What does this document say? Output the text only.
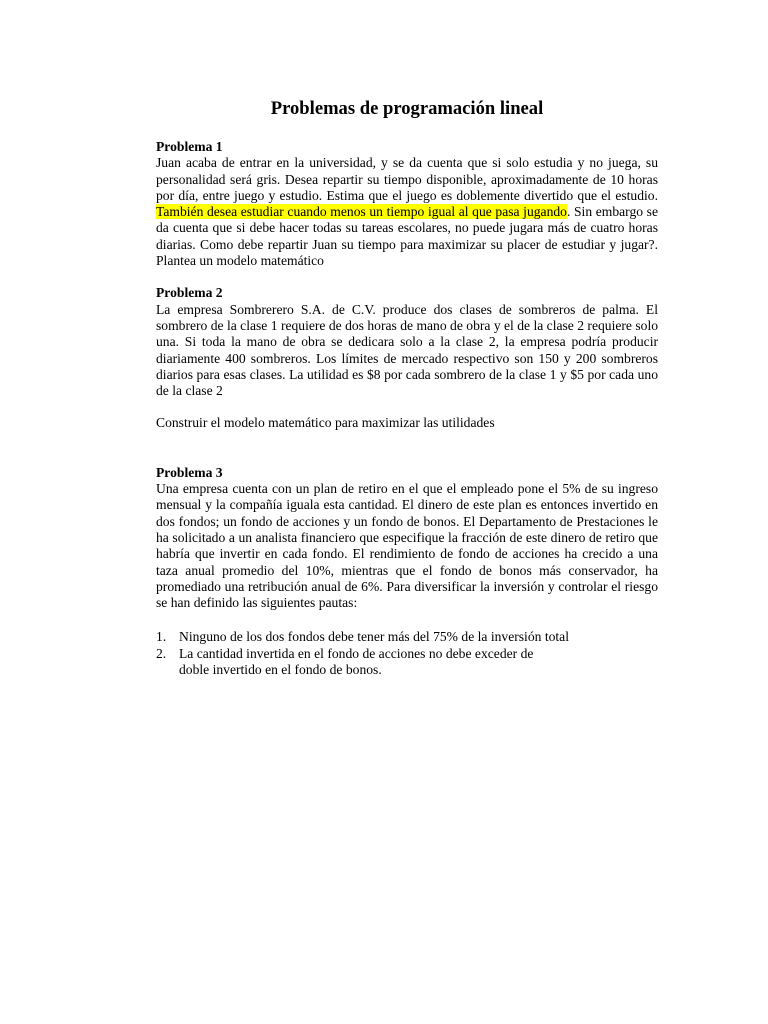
Problemas de programación lineal

Problema 1

Juan acaba de entrar en la universidad, y se da cuenta que si solo estudia y no juega, su personalidad será gris. Desea repartir su tiempo disponible, aproximadamente de 10 horas por día, entre juego y estudio. Estima que el juego es doblemente divertido que el estudio. También desea estudiar cuando menos un tiempo igual al que pasa jugando. Sin embargo se da cuenta que si debe hacer todas su tareas escolares, no puede jugara más de cuatro horas diarias. Como debe repartir Juan su tiempo para maximizar su placer de estudiar y jugar?. Plantea un modelo matemático

Problema 2

La empresa Sombrerero S.A. de C.V. produce dos clases de sombreros de palma. El sombrero de la clase 1 requiere de dos horas de mano de obra y el de la clase 2 requiere solo una. Si toda la mano de obra se dedicara solo a la clase 2, la empresa podría producir diariamente 400 sombreros. Los límites de mercado respectivo son 150 y 200 sombreros diarios para esas clases. La utilidad es $8 por cada sombrero de la clase 1 y $5 por cada uno de la clase 2

Construir el modelo matemático para maximizar las utilidades

Problema 3

Una empresa cuenta con un plan de retiro en el que el empleado pone el 5% de su ingreso mensual y la compañía iguala esta cantidad. El dinero de este plan es entonces invertido en dos fondos; un fondo de acciones y un fondo de bonos. El Departamento de Prestaciones le ha solicitado a un analista financiero que especifique la fracción de este dinero de retiro que habría que invertir en cada fondo. El rendimiento de fondo de acciones ha crecido a una taza anual promedio del 10%, mientras que el fondo de bonos más conservador, ha promediado una retribución anual de 6%. Para diversificar la inversión y controlar el riesgo se han definido las siguientes pautas:

1. Ninguno de los dos fondos debe tener más del 75% de la inversión total
2. La cantidad invertida en el fondo de acciones no debe exceder de
doble invertido en el fondo de bonos.
